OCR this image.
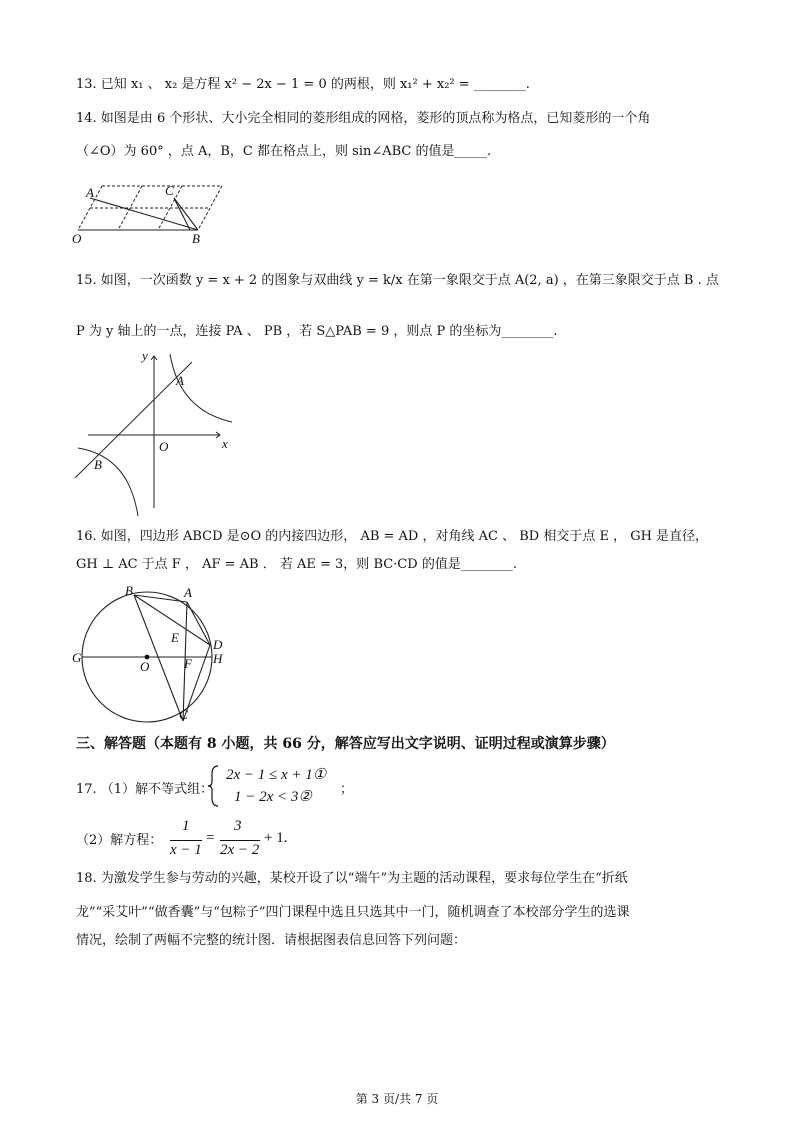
13. 已知 x₁ 、 x₂ 是方程 x² − 2x − 1 = 0 的两根，则 x₁² + x₂² = ________.
14. 如图是由 6 个形状、大小完全相同的菱形组成的网格，菱形的顶点称为格点，已知菱形的一个角
（∠O）为 60° ，点 A，B，C 都在格点上，则 sin∠ABC 的值是_____.
A	C
O	B
15. 如图，一次函数 y = x + 2 的图象与双曲线 y = k/x 在第一象限交于点 A(2, a) ，在第三象限交于点 B . 点
P 为 y 轴上的一点，连接 PA 、 PB ，若 S△PAB = 9 ，则点 P 的坐标为________.
y
x
O
A
B
16. 如图，四边形 ABCD 是⊙O 的内接四边形， AB = AD ，对角线 AC 、 BD 相交于点 E ， GH 是直径，
GH ⊥ AC 于点 F ， AF = AB ． 若 AE = 3，则 BC·CD 的值是________.
B	A
E	D
G
O	F H
C
三、解答题（本题有 8 小题，共 66 分，解答应写出文字说明、证明过程或演算步骤）
17. （1）解不等式组：
2x − 1 ≤ x + 1①
1 − 2x < 3② ；
（2）解方程：
1
x − 1
=
3
2x − 2
+ 1.
18. 为激发学生参与劳动的兴趣，某校开设了以“端午”为主题的活动课程，要求每位学生在“折纸
龙”“采艾叶”“做香囊”与“包粽子”四门课程中选且只选其中一门，随机调查了本校部分学生的选课
情况，绘制了两幅不完整的统计图．请根据图表信息回答下列问题：
第 3 页/共 7 页
